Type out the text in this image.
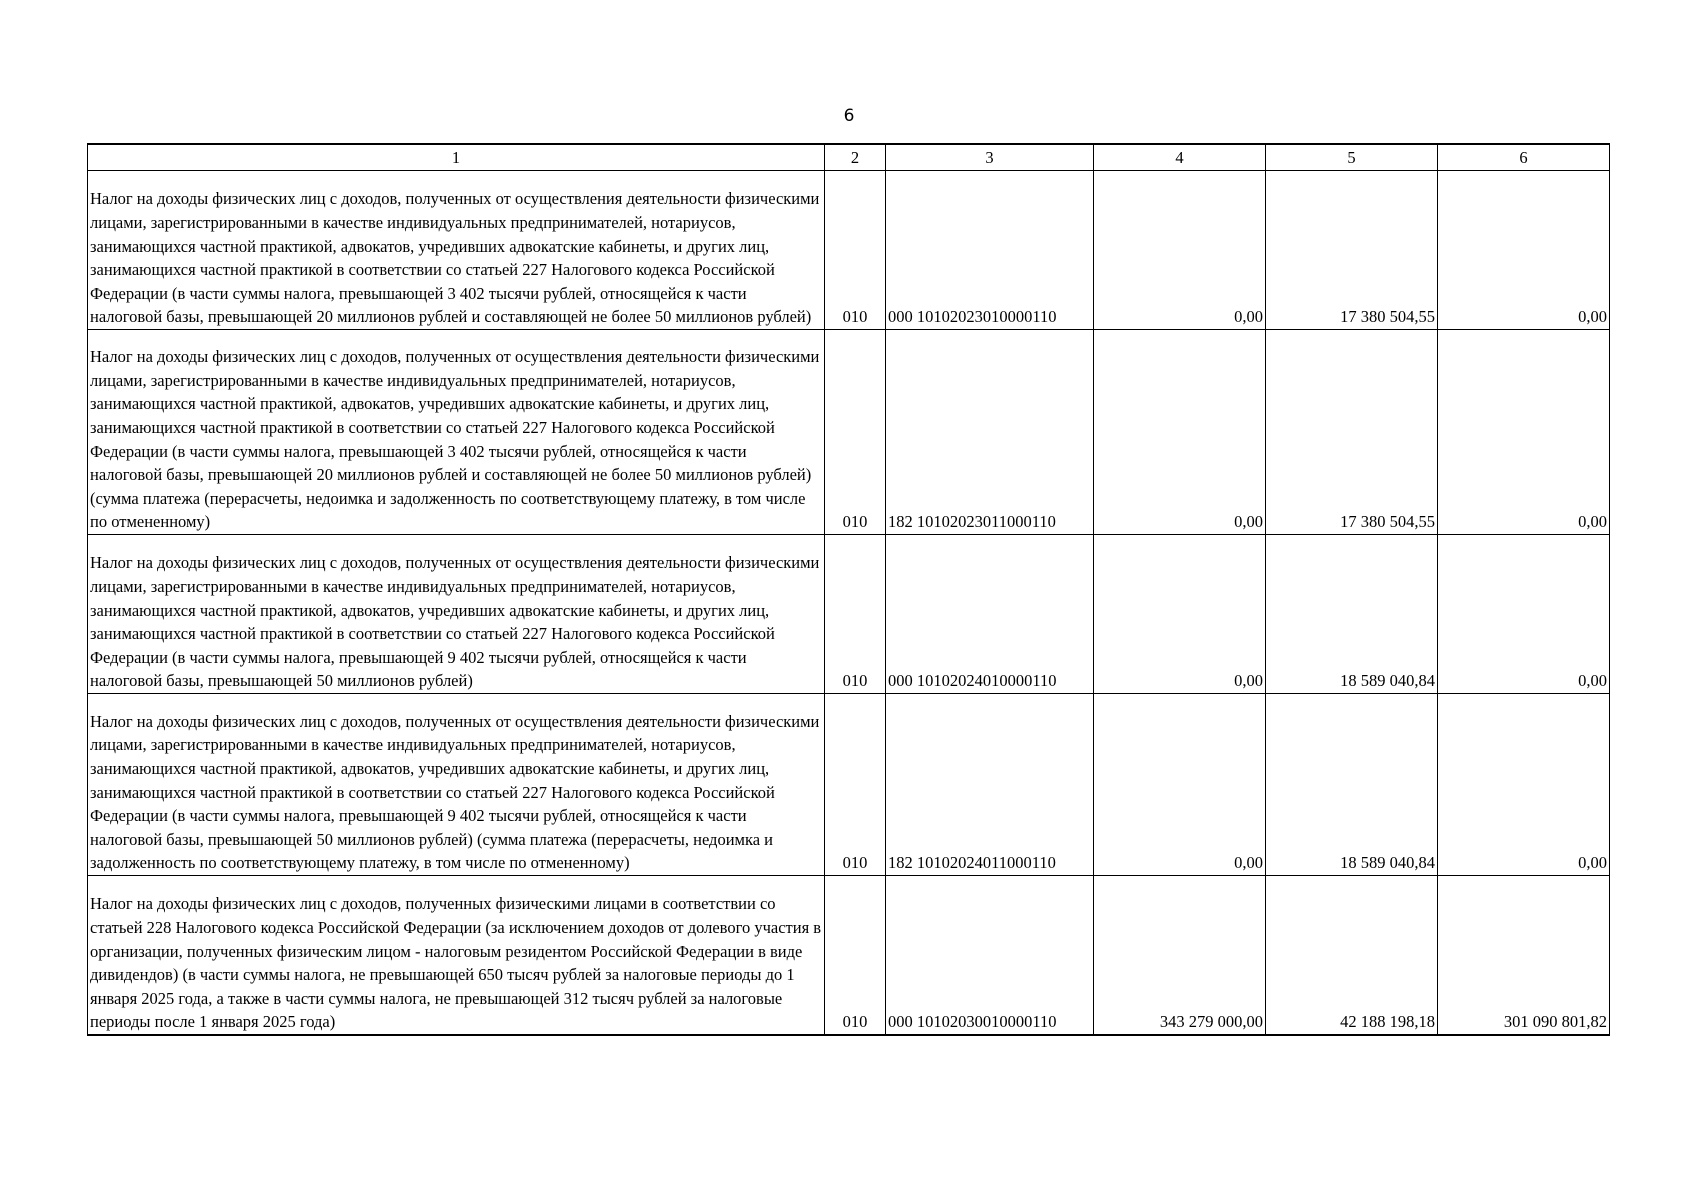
6
1	2	3	4	5	6

Налог на доходы физических лиц с доходов, полученных от осуществления деятельности физическими лицами, зарегистрированными в качестве индивидуальных предпринимателей, нотариусов, занимающихся частной практикой, адвокатов, учредивших адвокатские кабинеты, и других лиц, занимающихся частной практикой в соответствии со статьей 227 Налогового кодекса Российской Федерации (в части суммы налога, превышающей 3 402 тысячи рублей, относящейся к части налоговой базы, превышающей 20 миллионов рублей и составляющей не более 50 миллионов рублей)	010	000 10102023010000110	0,00	17 380 504,55	0,00

Налог на доходы физических лиц с доходов, полученных от осуществления деятельности физическими лицами, зарегистрированными в качестве индивидуальных предпринимателей, нотариусов, занимающихся частной практикой, адвокатов, учредивших адвокатские кабинеты, и других лиц, занимающихся частной практикой в соответствии со статьей 227 Налогового кодекса Российской Федерации (в части суммы налога, превышающей 3 402 тысячи рублей, относящейся к части налоговой базы, превышающей 20 миллионов рублей и составляющей не более 50 миллионов рублей) (сумма платежа (перерасчеты, недоимка и задолженность по соответствующему платежу, в том числе по отмененному)	010	182 10102023011000110	0,00	17 380 504,55	0,00

Налог на доходы физических лиц с доходов, полученных от осуществления деятельности физическими лицами, зарегистрированными в качестве индивидуальных предпринимателей, нотариусов, занимающихся частной практикой, адвокатов, учредивших адвокатские кабинеты, и других лиц, занимающихся частной практикой в соответствии со статьей 227 Налогового кодекса Российской Федерации (в части суммы налога, превышающей 9 402 тысячи рублей, относящейся к части налоговой базы, превышающей 50 миллионов рублей)	010	000 10102024010000110	0,00	18 589 040,84	0,00

Налог на доходы физических лиц с доходов, полученных от осуществления деятельности физическими лицами, зарегистрированными в качестве индивидуальных предпринимателей, нотариусов, занимающихся частной практикой, адвокатов, учредивших адвокатские кабинеты, и других лиц, занимающихся частной практикой в соответствии со статьей 227 Налогового кодекса Российской Федерации (в части суммы налога, превышающей 9 402 тысячи рублей, относящейся к части налоговой базы, превышающей 50 миллионов рублей) (сумма платежа (перерасчеты, недоимка и задолженность по соответствующему платежу, в том числе по отмененному)	010	182 10102024011000110	0,00	18 589 040,84	0,00

Налог на доходы физических лиц с доходов, полученных физическими лицами в соответствии со статьей 228 Налогового кодекса Российской Федерации (за исключением доходов от долевого участия в организации, полученных физическим лицом - налоговым резидентом Российской Федерации в виде дивидендов) (в части суммы налога, не превышающей 650 тысяч рублей за налоговые периоды до 1 января 2025 года, а также в части суммы налога, не превышающей 312 тысяч рублей за налоговые периоды после 1 января 2025 года)	010	000 10102030010000110	343 279 000,00	42 188 198,18	301 090 801,82
